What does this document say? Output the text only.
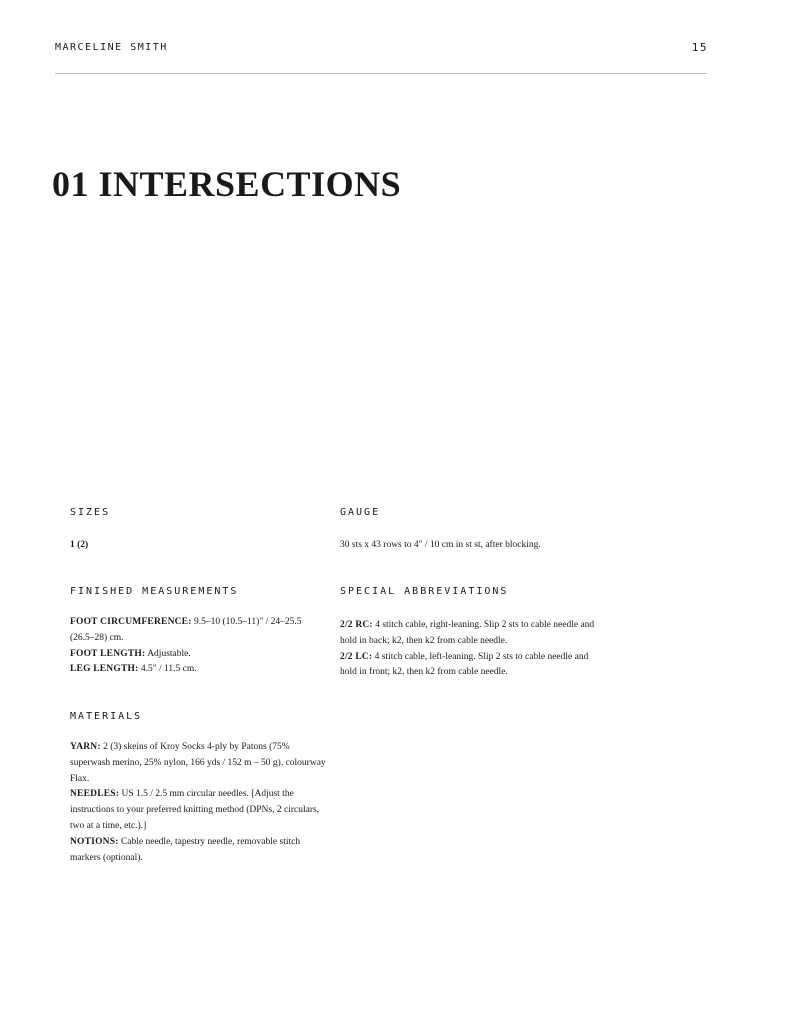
MARCELINE SMITH	15
01 INTERSECTIONS
SIZES
1 (2)
FINISHED MEASUREMENTS

FOOT CIRCUMFERENCE: 9.5–10 (10.5–11)" / 24–25.5 (26.5–28) cm.

FOOT LENGTH: Adjustable.

LEG LENGTH: 4.5" / 11.5 cm.

MATERIALS

YARN: 2 (3) skeins of Kroy Socks 4-ply by Patons (75% superwash merino, 25% nylon, 166 yds / 152 m – 50 g), colourway Flax.

NEEDLES: US 1.5 / 2.5 mm circular needles. [Adjust the instructions to your preferred knitting method (DPNs, 2 circulars, two at a time, etc.).]

NOTIONS: Cable needle, tapestry needle, removable stitch markers (optional).

GAUGE
30 sts x 43 rows to 4" / 10 cm in st st, after blocking.
SPECIAL ABBREVIATIONS

2/2 RC: 4 stitch cable, right-leaning. Slip 2 sts to cable needle and hold in back; k2, then k2 from cable needle.

2/2 LC: 4 stitch cable, left-leaning. Slip 2 sts to cable needle and hold in front; k2, then k2 from cable needle.
